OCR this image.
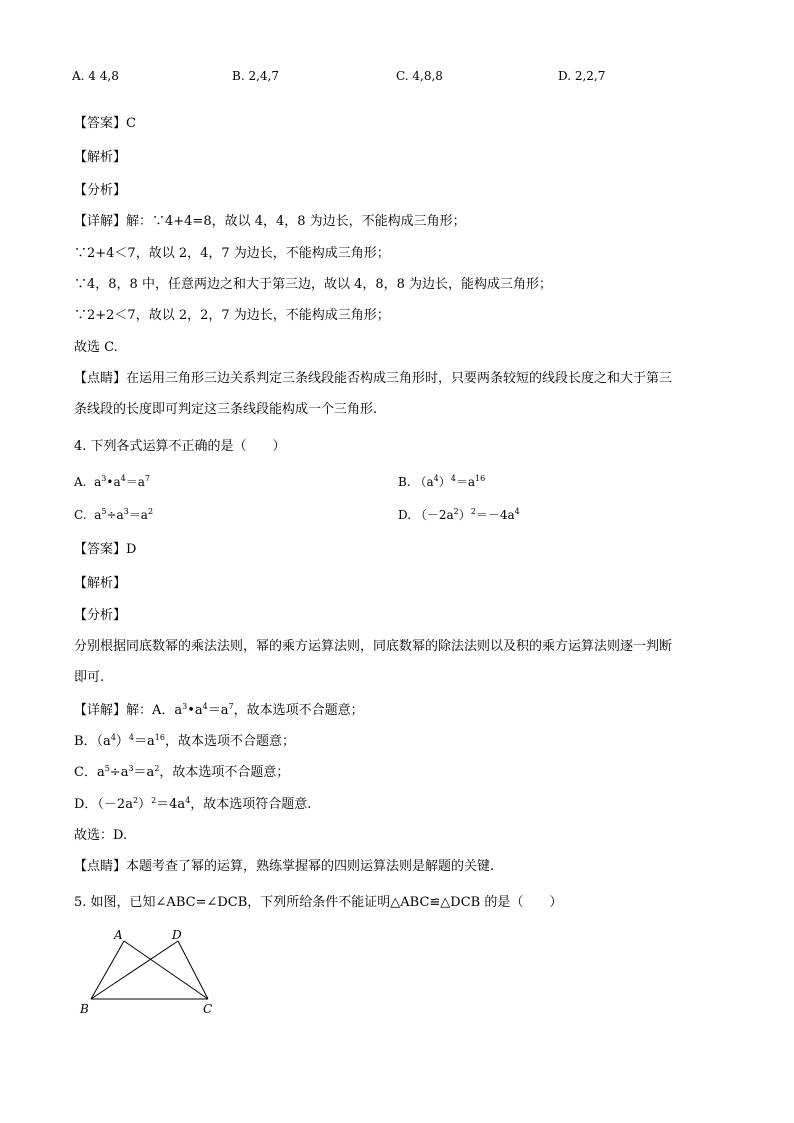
A. 4 4,8	B. 2,4,7	C. 4,8,8	D. 2,2,7
【答案】C
【解析】
【分析】
【详解】解：∵4+4=8，故以 4，4，8 为边长，不能构成三角形；
∵2+4＜7，故以 2，4，7 为边长，不能构成三角形；
∵4，8，8 中，任意两边之和大于第三边，故以 4，8，8 为边长，能构成三角形；
∵2+2＜7，故以 2，2，7 为边长，不能构成三角形；
故选 C.
【点睛】在运用三角形三边关系判定三条线段能否构成三角形时，只要两条较短的线段长度之和大于第三
条线段的长度即可判定这三条线段能构成一个三角形.
4. 下列各式运算不正确的是（　　）
A.  $a^3•a^4=a^7$	B. $(a^4)^4=a^{16}$
C.  $a^5\div a^3=a^2$	D. $(-2a^2)^2=-4a^4$
【答案】D
【解析】
【分析】
分别根据同底数幂的乘法法则，幂的乘方运算法则，同底数幂的除法法则以及积的乘方运算法则逐一判断
即可.
【详解】解：A．$a^3•a^4=a^7$，故本选项不合题意；
B．$(a^4)^4=a^{16}$，故本选项不合题意；
C．$a^5\div a^3=a^2$，故本选项不合题意；
D．$(-2a^2)^2=4a^4$，故本选项符合题意.
故选：D.
【点睛】本题考查了幂的运算，熟练掌握幂的四则运算法则是解题的关键.
5. 如图，已知∠ABC=∠DCB，下列所给条件不能证明△ABC≌△DCB 的是（　　）
A	D
B	C
